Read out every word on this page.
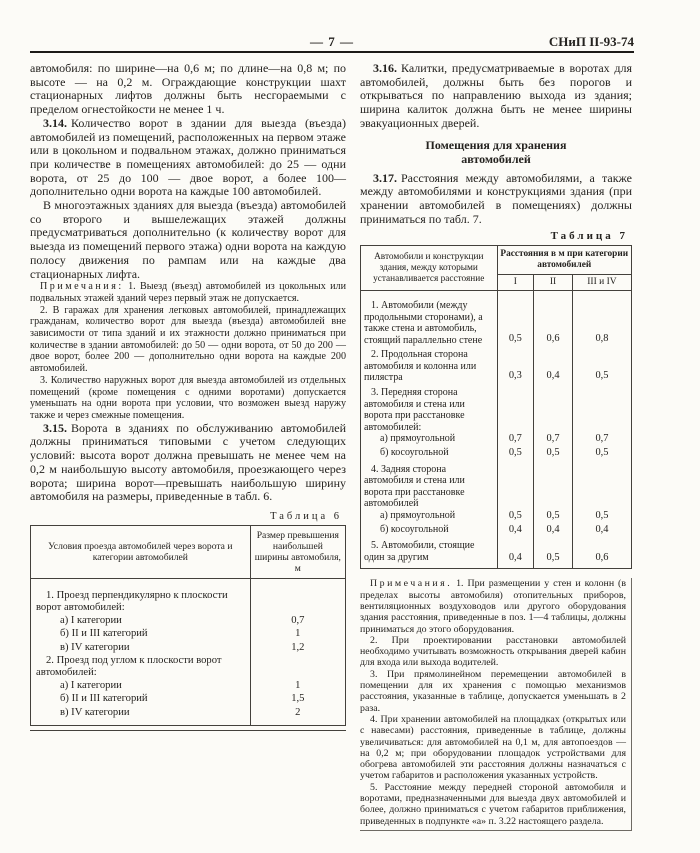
— 7 —	СНиП II-93-74

автомобиля: по ширине—на 0,6 м; по длине—на 0,8 м; по высоте — на 0,2 м. Ограждающие конструкции шахт стационарных лифтов должны быть несгораемыми с пределом огнестойкости не менее 1 ч.

3.14. Количество ворот в здании для выезда (въезда) автомобилей из помещений, расположенных на первом этаже или в цокольном и подвальном этажах, должно приниматься при количестве в помещениях автомобилей: до 25 — одни ворота, от 25 до 100 — двое ворот, а более 100—дополнительно одни ворота на каждые 100 автомобилей.

В многоэтажных зданиях для выезда (въезда) автомобилей со второго и вышележащих этажей должны предусматриваться дополнительно (к количеству ворот для выезда из помещений первого этажа) одни ворота на каждую полосу движения по рампам или на каждые два стационарных лифта.

Примечания: 1. Выезд (въезд) автомобилей из цокольных или подвальных этажей зданий через первый этаж не допускается.

2. В гаражах для хранения легковых автомобилей, принадлежащих гражданам, количество ворот для выезда (въезда) автомобилей вне зависимости от типа зданий и их этажности должно приниматься при количестве в здании автомобилей: до 50 — одни ворота, от 50 до 200 — двое ворот, более 200 — дополнительно одни ворота на каждые 200 автомобилей.

3. Количество наружных ворот для выезда автомобилей из отдельных помещений (кроме помещения с одними воротами) допускается уменьшать на одни ворота при условии, что возможен выезд наружу также и через смежные помещения.

3.15. Ворота в зданиях по обслуживанию автомобилей должны приниматься типовыми с учетом следующих условий: высота ворот должна превышать не менее чем на 0,2 м наибольшую высоту автомобиля, проезжающего через ворота; ширина ворот—превышать наибольшую ширину автомобиля на размеры, приведенные в табл. 6.

Таблица 6
Условия проезда автомобилей через ворота и категории автомобилей	Размер превышения наибольшей ширины автомобиля, м
1. Проезд перпендикулярно к плоскости ворот автомобилей:	
а) I категории	0,7
б) II и III категорий	1
в) IV категории	1,2
2. Проезд под углом к плоскости ворот автомобилей:	
а) I категории	1
б) II и III категорий	1,5
в) IV категории	2

3.16. Калитки, предусматриваемые в воротах для автомобилей, должны быть без порогов и открываться по направлению выхода из здания; ширина калиток должна быть не менее ширины эвакуационных дверей.

Помещения для хранения
автомобилей

3.17. Расстояния между автомобилями, а также между автомобилями и конструкциями здания (при хранении автомобилей в помещениях) должны приниматься по табл. 7.

Таблица 7
Автомобили и конструкции здания, между которыми устанавливается расстояние	Расстояния в м при категории автомобилей		
	I	II	III и IV
1. Автомобили (между продольными сторонами), а также стена и автомобиль, стоящий параллельно стене	0,5	0,6	0,8
2. Продольная сторона автомобиля и колонна или пилястра	0,3	0,4	0,5
3. Передняя сторона автомобиля и стена или ворота при расстановке автомобилей:			
а) прямоугольной	0,7	0,7	0,7
б) косоугольной	0,5	0,5	0,5
4. Задняя сторона автомобиля и стена или ворота при расстановке автомобилей			
а) прямоугольной	0,5	0,5	0,5
б) косоугольной	0,4	0,4	0,4
5. Автомобили, стоящие один за другим	0,4	0,5	0,6

Примечания. 1. При размещении у стен и колонн (в пределах высоты автомобиля) отопительных приборов, вентиляционных воздуховодов или другого оборудования здания расстояния, приведенные в поз. 1—4 таблицы, должны приниматься до этого оборудования.

2. При проектировании расстановки автомобилей необходимо учитывать возможность открывания дверей кабин для входа или выхода водителей.

3. При прямолинейном перемещении автомобилей в помещении для их хранения с помощью механизмов расстояния, указанные в таблице, допускается уменьшать в 2 раза.

4. При хранении автомобилей на площадках (открытых или с навесами) расстояния, приведенные в таблице, должны увеличиваться: для автомобилей на 0,1 м, для автопоездов — на 0,2 м; при оборудовании площадок устройствами для обогрева автомобилей эти расстояния должны назначаться с учетом габаритов и расположения указанных устройств.

5. Расстояние между передней стороной автомобиля и воротами, предназначенными для выезда двух автомобилей и более, должно приниматься с учетом габаритов приближения, приведенных в подпункте «а» п. 3.22 настоящего раздела.
